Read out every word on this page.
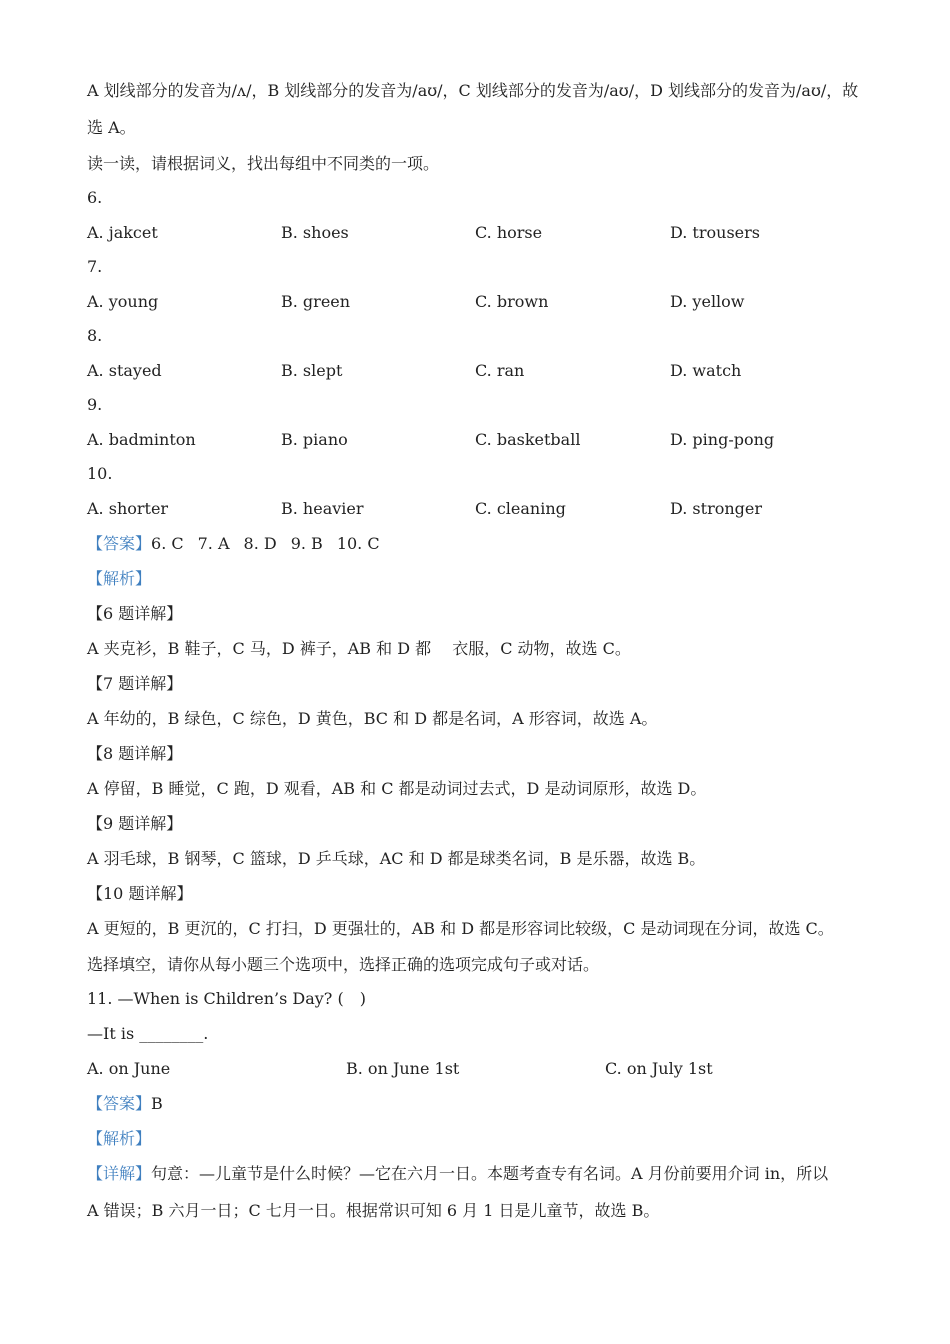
A 划线部分的发音为/ʌ/，B 划线部分的发音为/aʊ/，C 划线部分的发音为/aʊ/，D 划线部分的发音为/aʊ/，故
选 A。
读一读，请根据词义，找出每组中不同类的一项。
6.
A. jakcet	B. shoes	C. horse	D. trousers
7.
A. young	B. green	C. brown	D. yellow
8.
A. stayed	B. slept	C. ran	D. watch
9.
A. badminton	B. piano	C. basketball	D. ping-pong
10.
A. shorter	B. heavier	C. cleaning	D. stronger
【答案】6. C 7. A 8. D 9. B 10. C
【解析】
【6 题详解】
A 夹克衫，B 鞋子，C 马，D 裤子，AB 和 D 都 　衣服，C 动物，故选 C。
【7 题详解】
A 年幼的，B 绿色，C 综色，D 黄色，BC 和 D 都是名词，A 形容词，故选 A。
【8 题详解】
A 停留，B 睡觉，C 跑，D 观看，AB 和 C 都是动词过去式，D 是动词原形，故选 D。
【9 题详解】
A 羽毛球，B 钢琴，C 篮球，D 乒乓球，AC 和 D 都是球类名词，B 是乐器，故选 B。
【10 题详解】
A 更短的，B 更沉的，C 打扫，D 更强壮的，AB 和 D 都是形容词比较级，C 是动词现在分词，故选 C。
选择填空，请你从每小题三个选项中，选择正确的选项完成句子或对话。
11. —When is Children’s Day? (　)
—It is ________.
A. on June	B. on June 1st	C. on July 1st
【答案】B
【解析】
【详解】句意：—儿童节是什么时候？—它在六月一日。本题考查专有名词。A 月份前要用介词 in，所以
A 错误；B 六月一日；C 七月一日。根据常识可知 6 月 1 日是儿童节，故选 B。
